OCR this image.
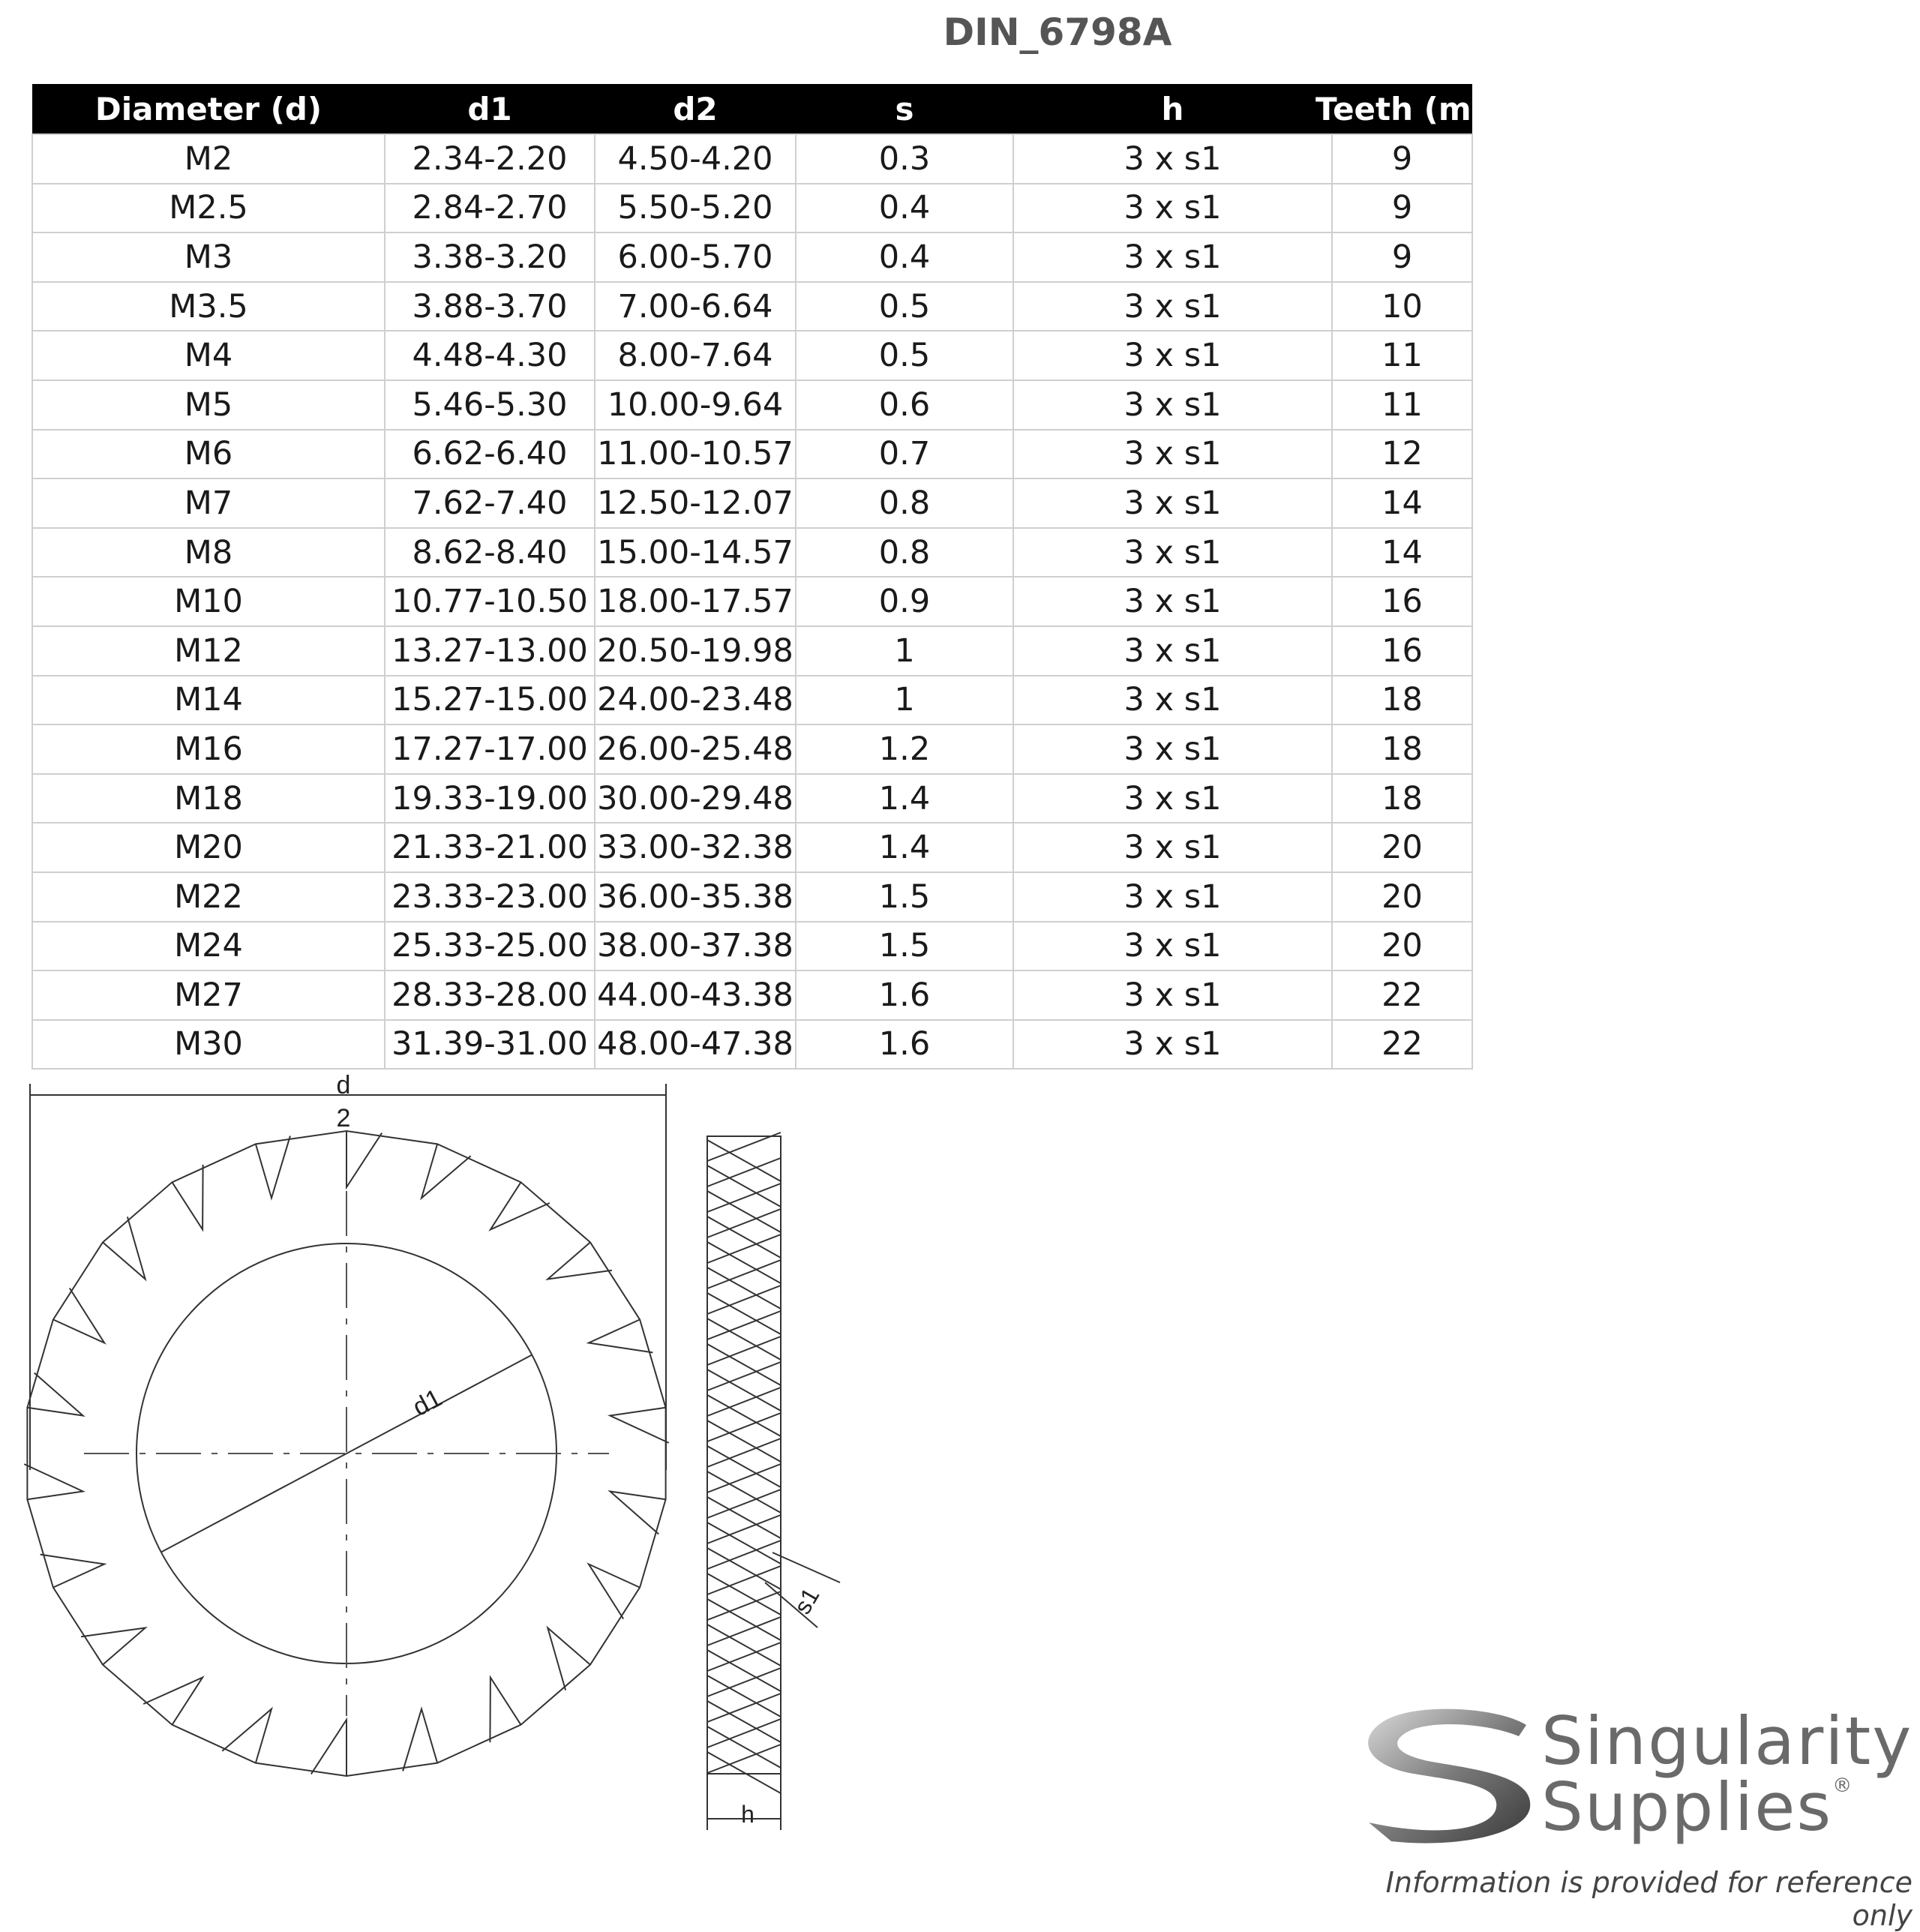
DIN_6798A
Diameter (d)	d1	d2	s	h	Teeth (min)
M2	2.34-2.20	4.50-4.20	0.3	3 x s1	9
M2.5	2.84-2.70	5.50-5.20	0.4	3 x s1	9
M3	3.38-3.20	6.00-5.70	0.4	3 x s1	9
M3.5	3.88-3.70	7.00-6.64	0.5	3 x s1	10
M4	4.48-4.30	8.00-7.64	0.5	3 x s1	11
M5	5.46-5.30	10.00-9.64	0.6	3 x s1	11
M6	6.62-6.40	11.00-10.57	0.7	3 x s1	12
M7	7.62-7.40	12.50-12.07	0.8	3 x s1	14
M8	8.62-8.40	15.00-14.57	0.8	3 x s1	14
M10	10.77-10.50	18.00-17.57	0.9	3 x s1	16
M12	13.27-13.00	20.50-19.98	1	3 x s1	16
M14	15.27-15.00	24.00-23.48	1	3 x s1	18
M16	17.27-17.00	26.00-25.48	1.2	3 x s1	18
M18	19.33-19.00	30.00-29.48	1.4	3 x s1	18
M20	21.33-21.00	33.00-32.38	1.4	3 x s1	20
M22	23.33-23.00	36.00-35.38	1.5	3 x s1	20
M24	25.33-25.00	38.00-37.38	1.5	3 x s1	20
M27	28.33-28.00	44.00-43.38	1.6	3 x s1	22
M30	31.39-31.00	48.00-47.38	1.6	3 x s1	22
d
2
d1
s1
h
Singularity
Supplies®
Information is provided for reference only
